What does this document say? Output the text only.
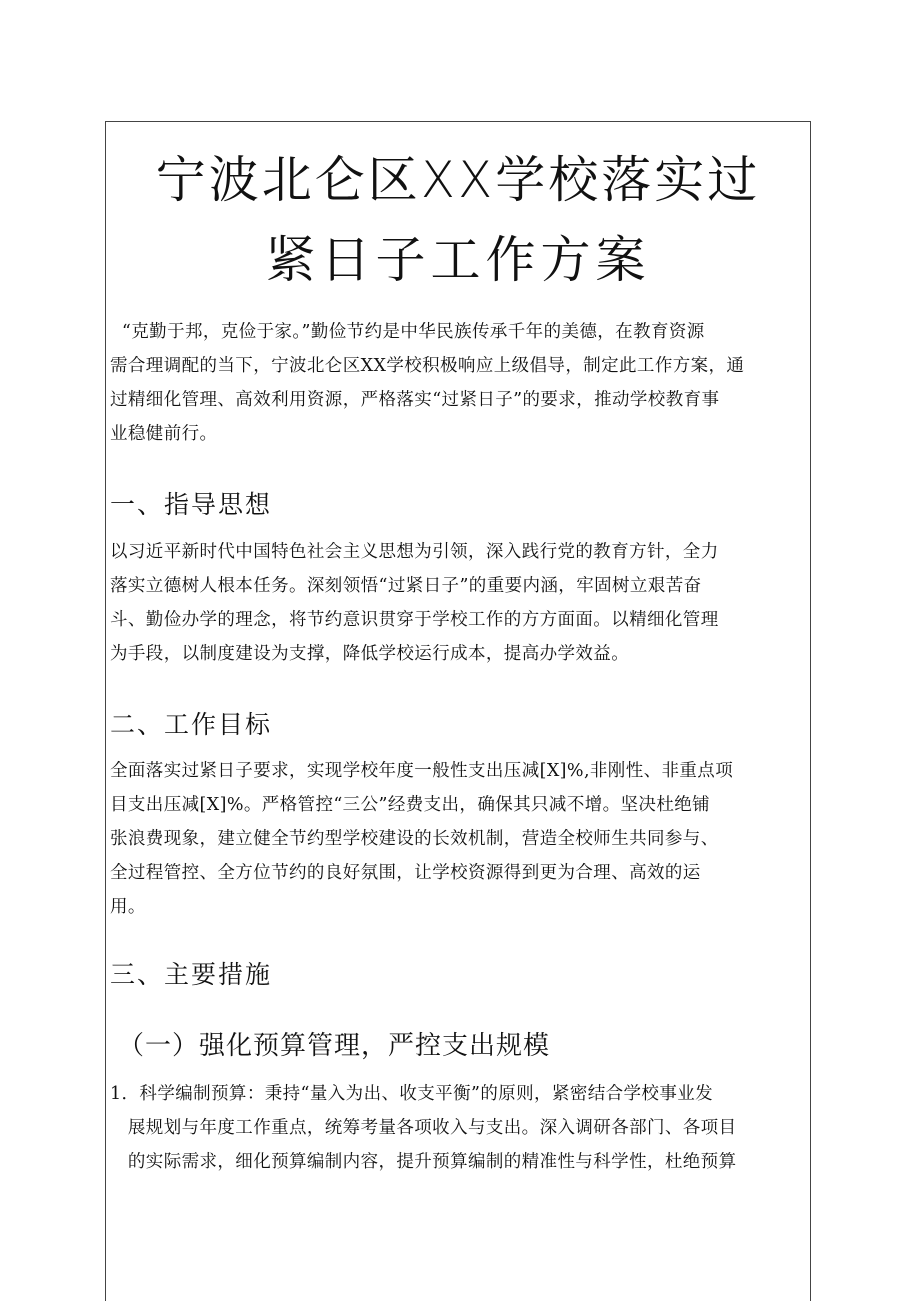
宁波北仑区XX学校落实过
紧日子工作方案
“克勤于邦，克俭于家。”勤俭节约是中华民族传承千年的美德，在教育资源
需合理调配的当下，宁波北仑区XX学校积极响应上级倡导，制定此工作方案，通
过精细化管理、高效利用资源，严格落实“过紧日子”的要求，推动学校教育事
业稳健前行。
一、指导思想
以习近平新时代中国特色社会主义思想为引领，深入践行党的教育方针，全力
落实立德树人根本任务。深刻领悟“过紧日子”的重要内涵，牢固树立艰苦奋
斗、勤俭办学的理念，将节约意识贯穿于学校工作的方方面面。以精细化管理
为手段，以制度建设为支撑，降低学校运行成本，提高办学效益。
二、工作目标
全面落实过紧日子要求，实现学校年度一般性支出压减[X]%,非刚性、非重点项
目支出压减[X]%。严格管控“三公”经费支出，确保其只减不增。坚决杜绝铺
张浪费现象，建立健全节约型学校建设的长效机制，营造全校师生共同参与、
全过程管控、全方位节约的良好氛围，让学校资源得到更为合理、高效的运
用。
三、主要措施
（一）强化预算管理，严控支出规模
1．科学编制预算：秉持“量入为出、收支平衡”的原则，紧密结合学校事业发
展规划与年度工作重点，统筹考量各项收入与支出。深入调研各部门、各项目
的实际需求，细化预算编制内容，提升预算编制的精准性与科学性，杜绝预算
